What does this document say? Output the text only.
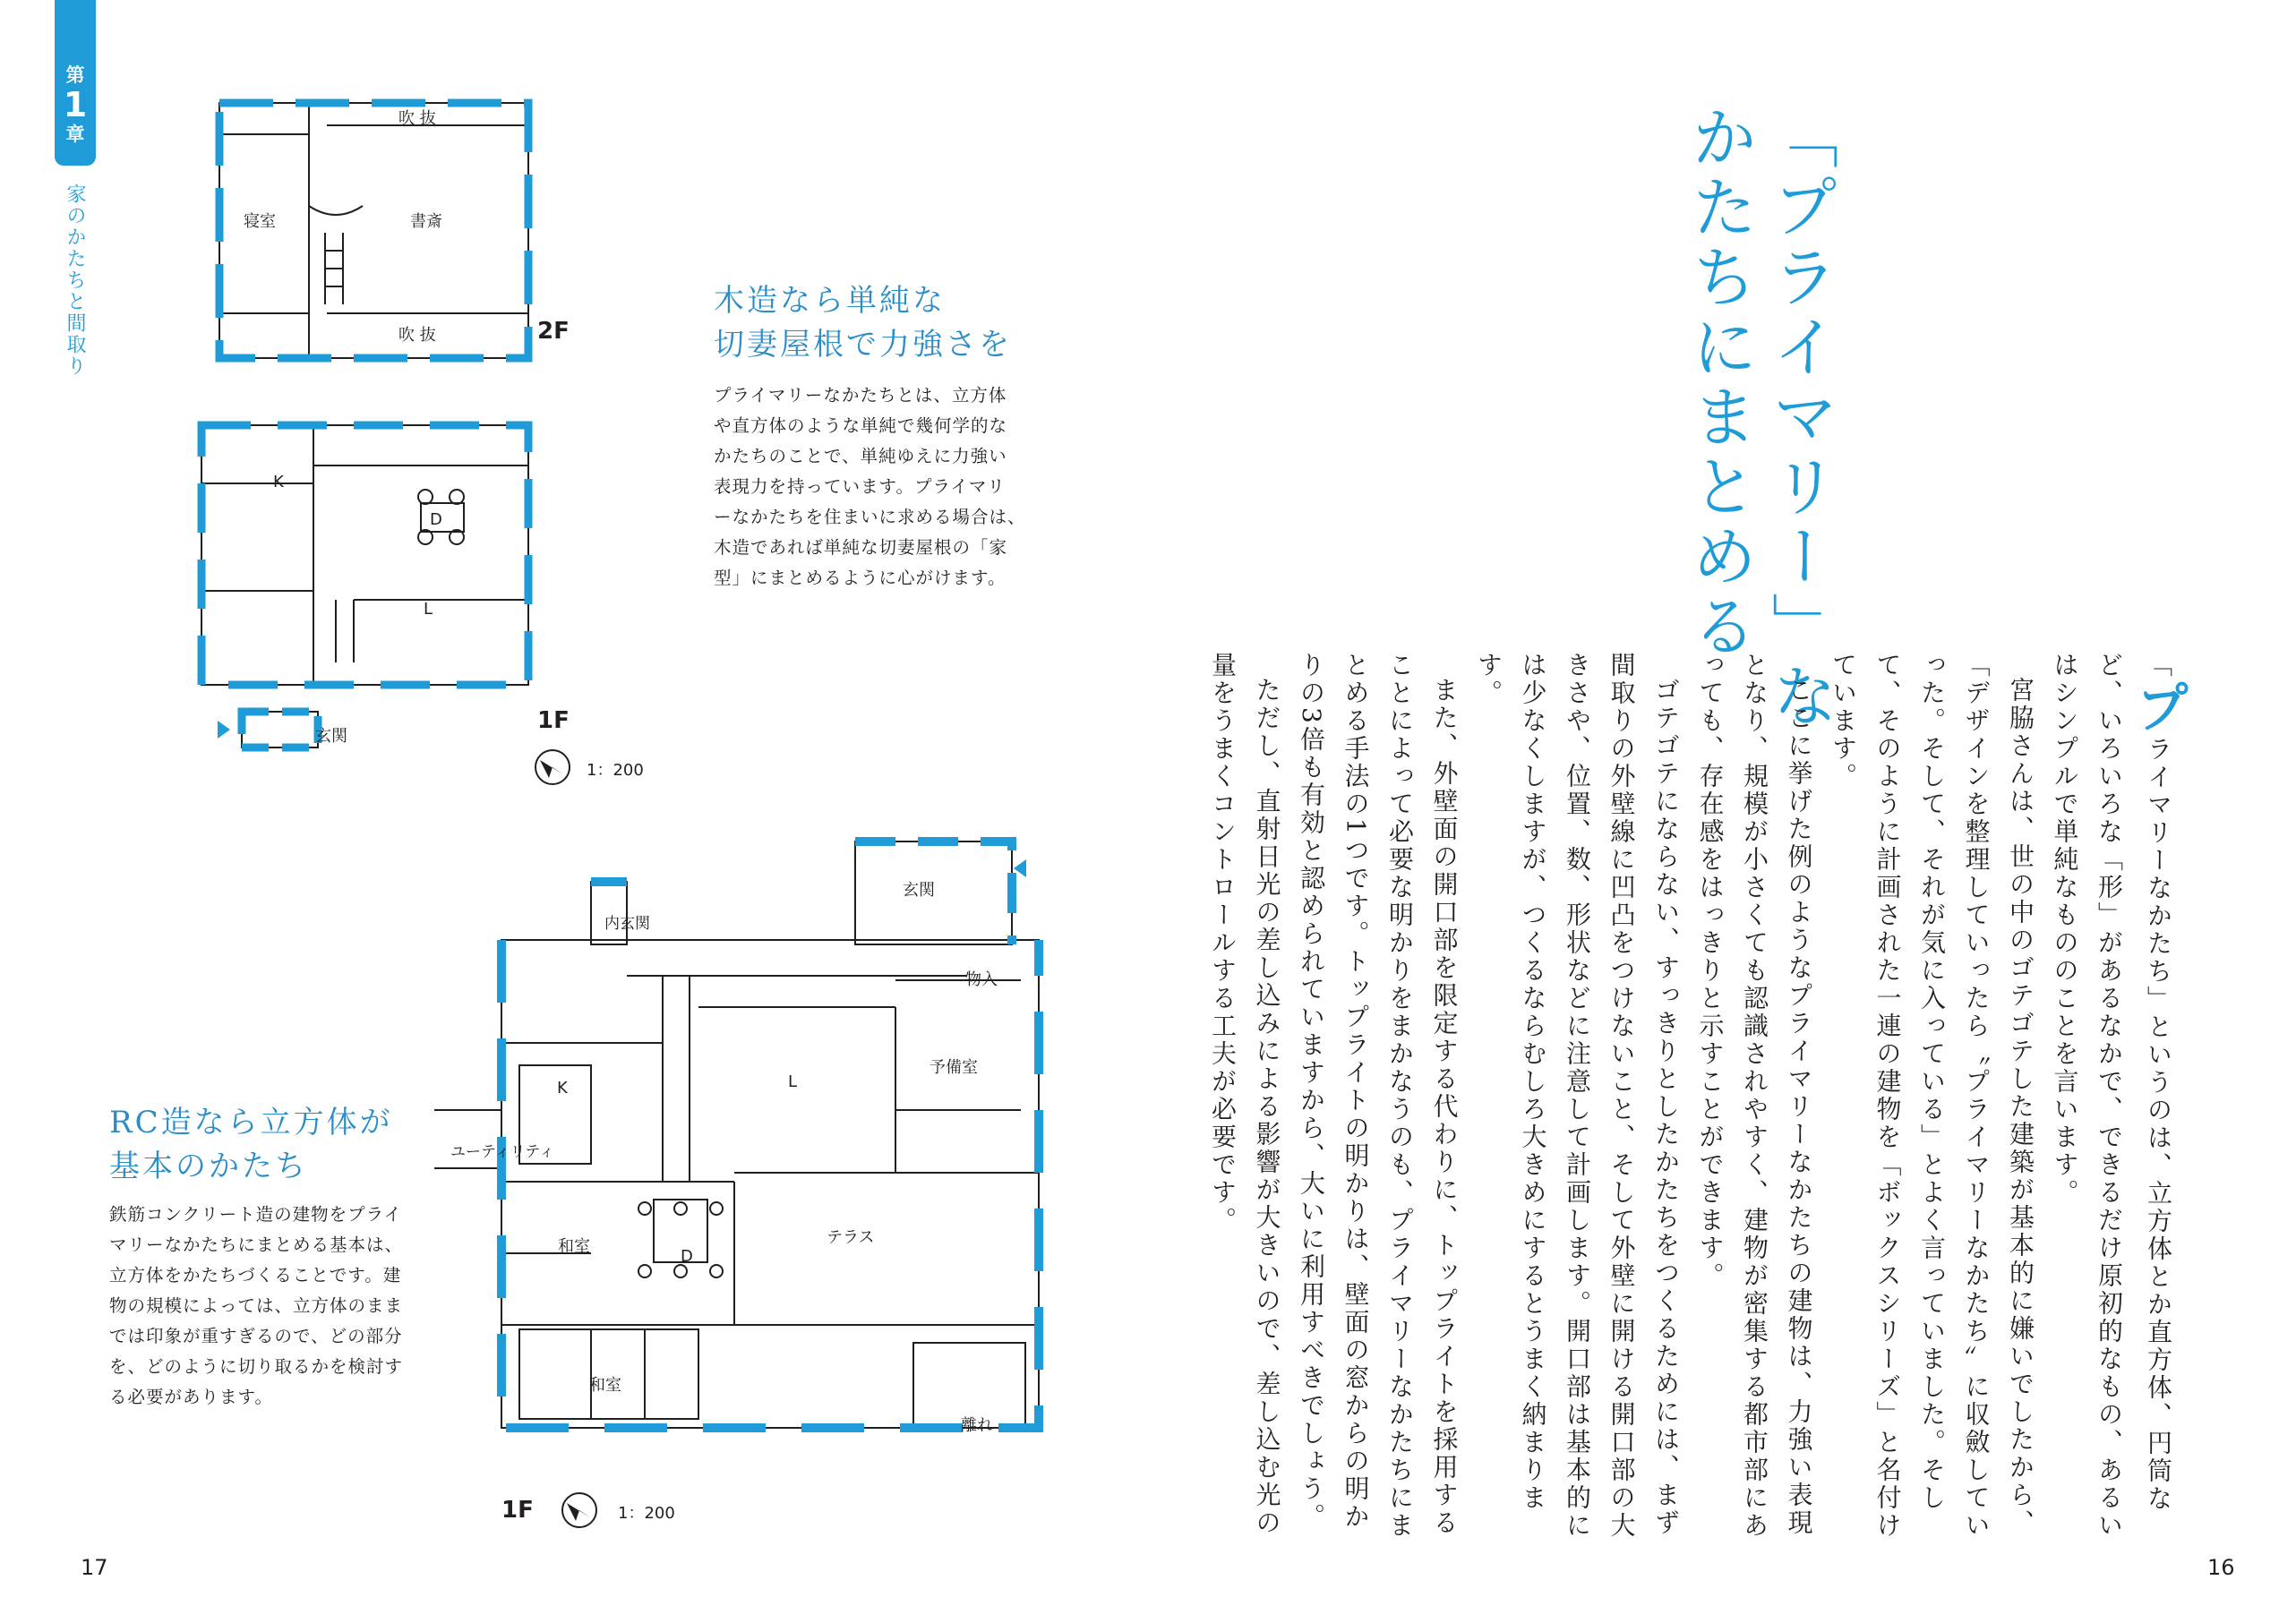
第
1
章
家のかたちと間取り
吹 抜
寝室	書斎
吹 抜
K
D
L
玄関
2F
1F
1：200
木造なら単純な
切妻屋根で力強さを
プライマリーなかたちとは、立方体
や直方体のような単純で幾何学的な
かたちのことで、単純ゆえに力強い
表現力を持っています。プライマリ
ーなかたちを住まいに求める場合は、
木造であれば単純な切妻屋根の「家
型」にまとめるように心がけます。
内玄関
玄関
物入
K	L
予備室
ユーティリティ
和室
D
テラス
和室
離れ
1F	1：200
RC造なら立方体が
基本のかたち
鉄筋コンクリート造の建物をプライ
マリーなかたちにまとめる基本は、
立方体をかたちづくることです。建
物の規模によっては、立方体のまま
では印象が重すぎるので、どの部分
を、どのように切り取るかを検討す
る必要があります。
17
「プライマリー」な
かたちにまとめる

「プライマリーなかたち」というのは、立方体とか直方体、円筒など、いろいろな「形」があるなかで、できるだけ原初的なもの、あるいはシンプルで単純なもののことを言います。

宮脇さんは、世の中のゴテゴテした建築が基本的に嫌いでしたから、「デザインを整理していったら〝プライマリーなかたち〟に収斂していった。そして、それが気に入っている」とよく言っていました。そして、そのように計画された一連の建物を「ボックスシリーズ」と名付けています。

ここに挙げた例のようなプライマリーなかたちの建物は、力強い表現となり、規模が小さくても認識されやすく、建物が密集する都市部にあっても、存在感をはっきりと示すことができます。

ゴテゴテにならない、すっきりとしたかたちをつくるためには、まず間取りの外壁線に凹凸をつけないこと、そして外壁に開ける開口部の大きさや、位置、数、形状などに注意して計画します。開口部は基本的には少なくしますが、つくるならむしろ大きめにするとうまく納まります。

また、外壁面の開口部を限定する代わりに、トップライトを採用することによって必要な明かりをまかなうのも、プライマリーなかたちにまとめる手法の1つです。トップライトの明かりは、壁面の窓からの明かりの3倍も有効と認められていますから、大いに利用すべきでしょう。

ただし、直射日光の差し込みによる影響が大きいので、差し込む光の量をうまくコントロールする工夫が必要です。

16
